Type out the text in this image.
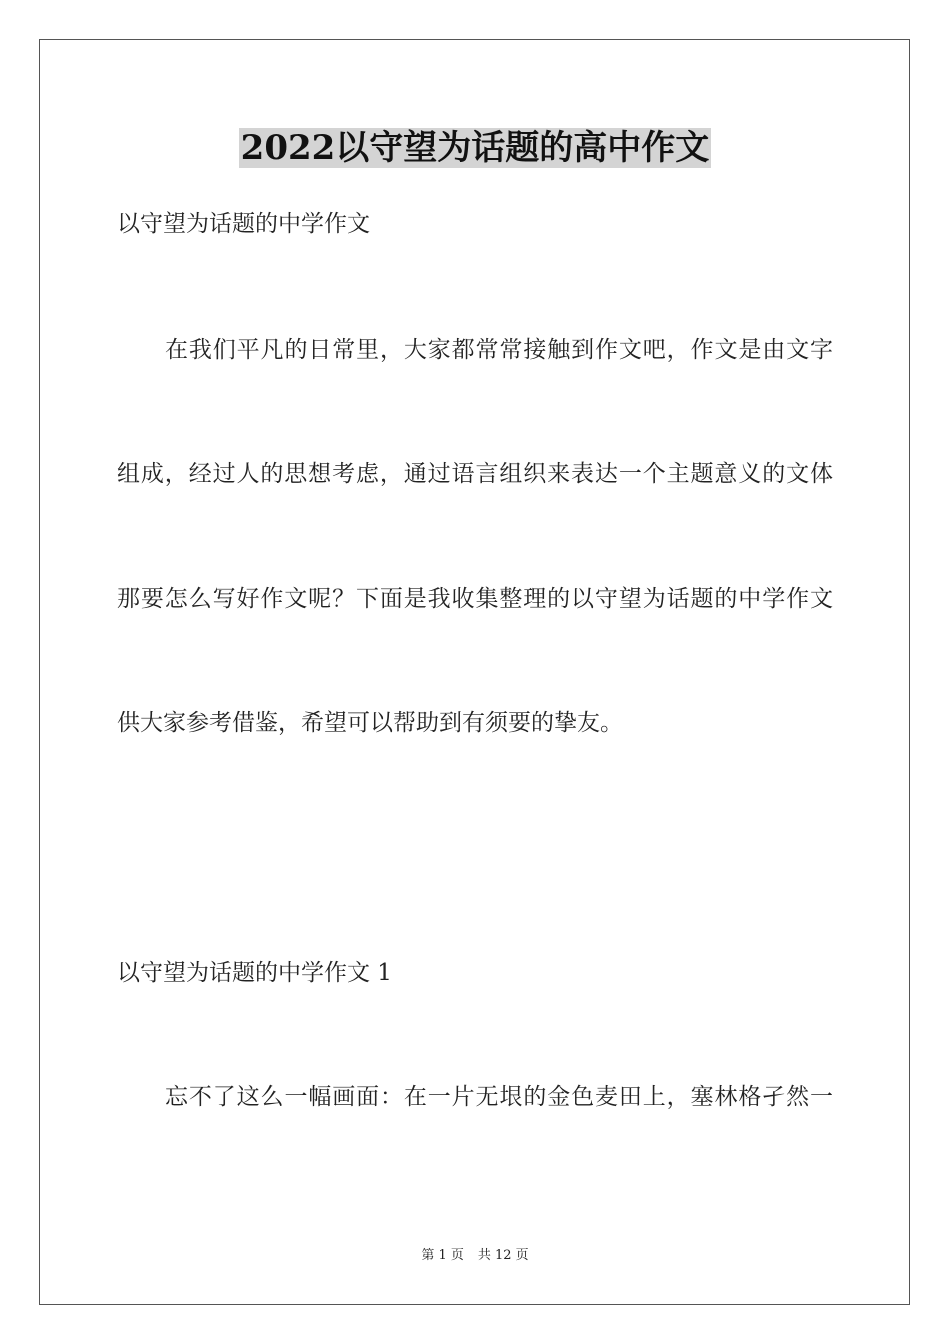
2022以守望为话题的高中作文
以守望为话题的中学作文
在我们平凡的日常里，大家都常常接触到作文吧，作文是由文字
组成，经过人的思想考虑，通过语言组织来表达一个主题意义的文体
那要怎么写好作文呢？下面是我收集整理的以守望为话题的中学作文
供大家参考借鉴，希望可以帮助到有须要的挚友。
以守望为话题的中学作文 1
忘不了这么一幅画面：在一片无垠的金色麦田上，塞林格孑然一
第 1 页 共 12 页
